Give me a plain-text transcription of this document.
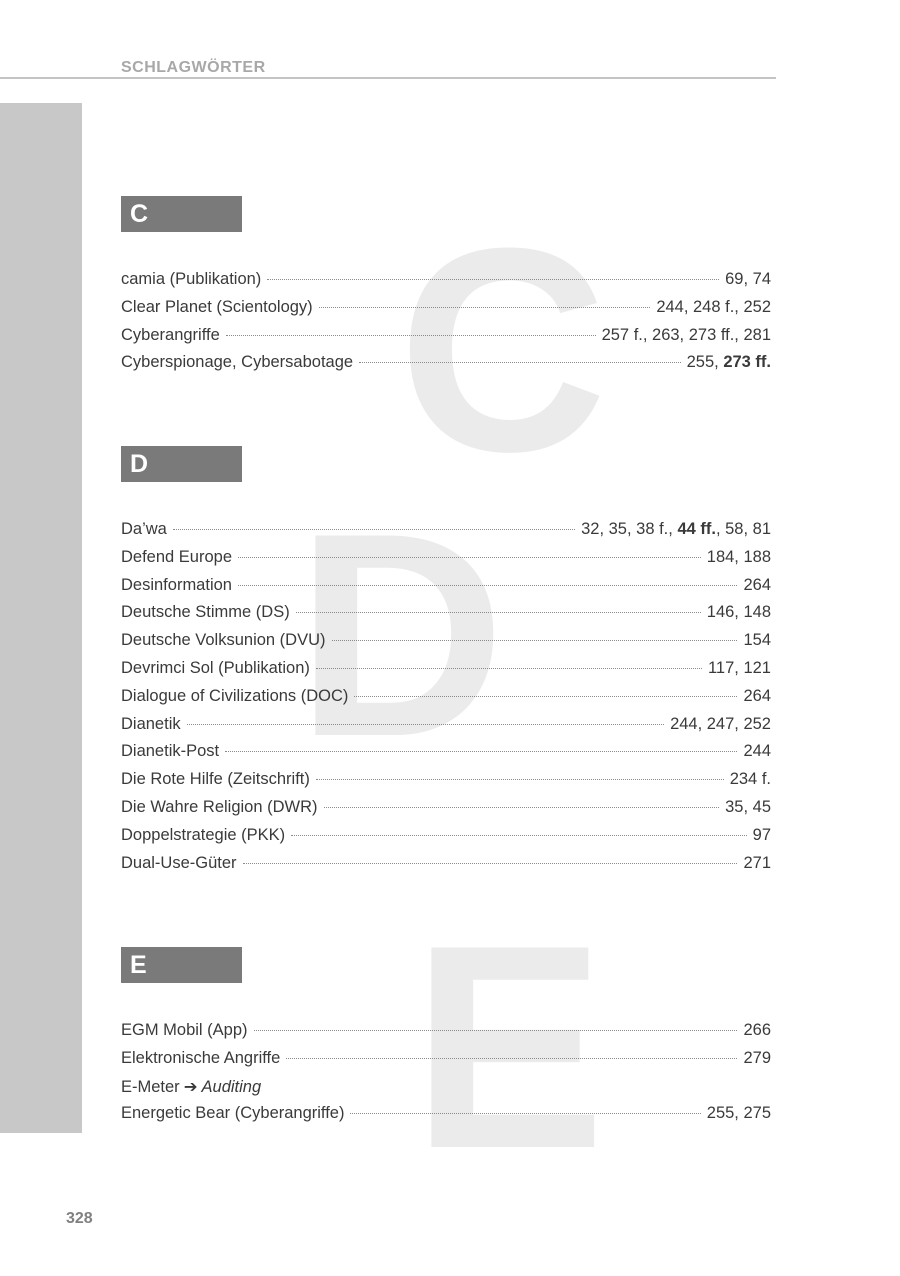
SCHLAGWÖRTER
C
D
E
C
camia (Publikation)	69, 74
Clear Planet (Scientology)	244, 248 f., 252
Cyberangriffe	257 f., 263, 273 ff., 281
Cyberspionage, Cybersabotage	255, 273 ff.
D
Da’wa	32, 35, 38 f., 44 ff., 58, 81
Defend Europe	184, 188
Desinformation	264
Deutsche Stimme (DS)	146, 148
Deutsche Volksunion (DVU)	154
Devrimci Sol (Publikation)	117, 121
Dialogue of Civilizations (DOC)	264
Dianetik	244, 247, 252
Dianetik-Post	244
Die Rote Hilfe (Zeitschrift)	234 f.
Die Wahre Religion (DWR)	35, 45
Doppelstrategie (PKK)	97
Dual-Use-Güter	271
E
EGM Mobil (App)	266
Elektronische Angriffe	279
E-Meter ➔ Auditing
Energetic Bear (Cyberangriffe)	255, 275
328
